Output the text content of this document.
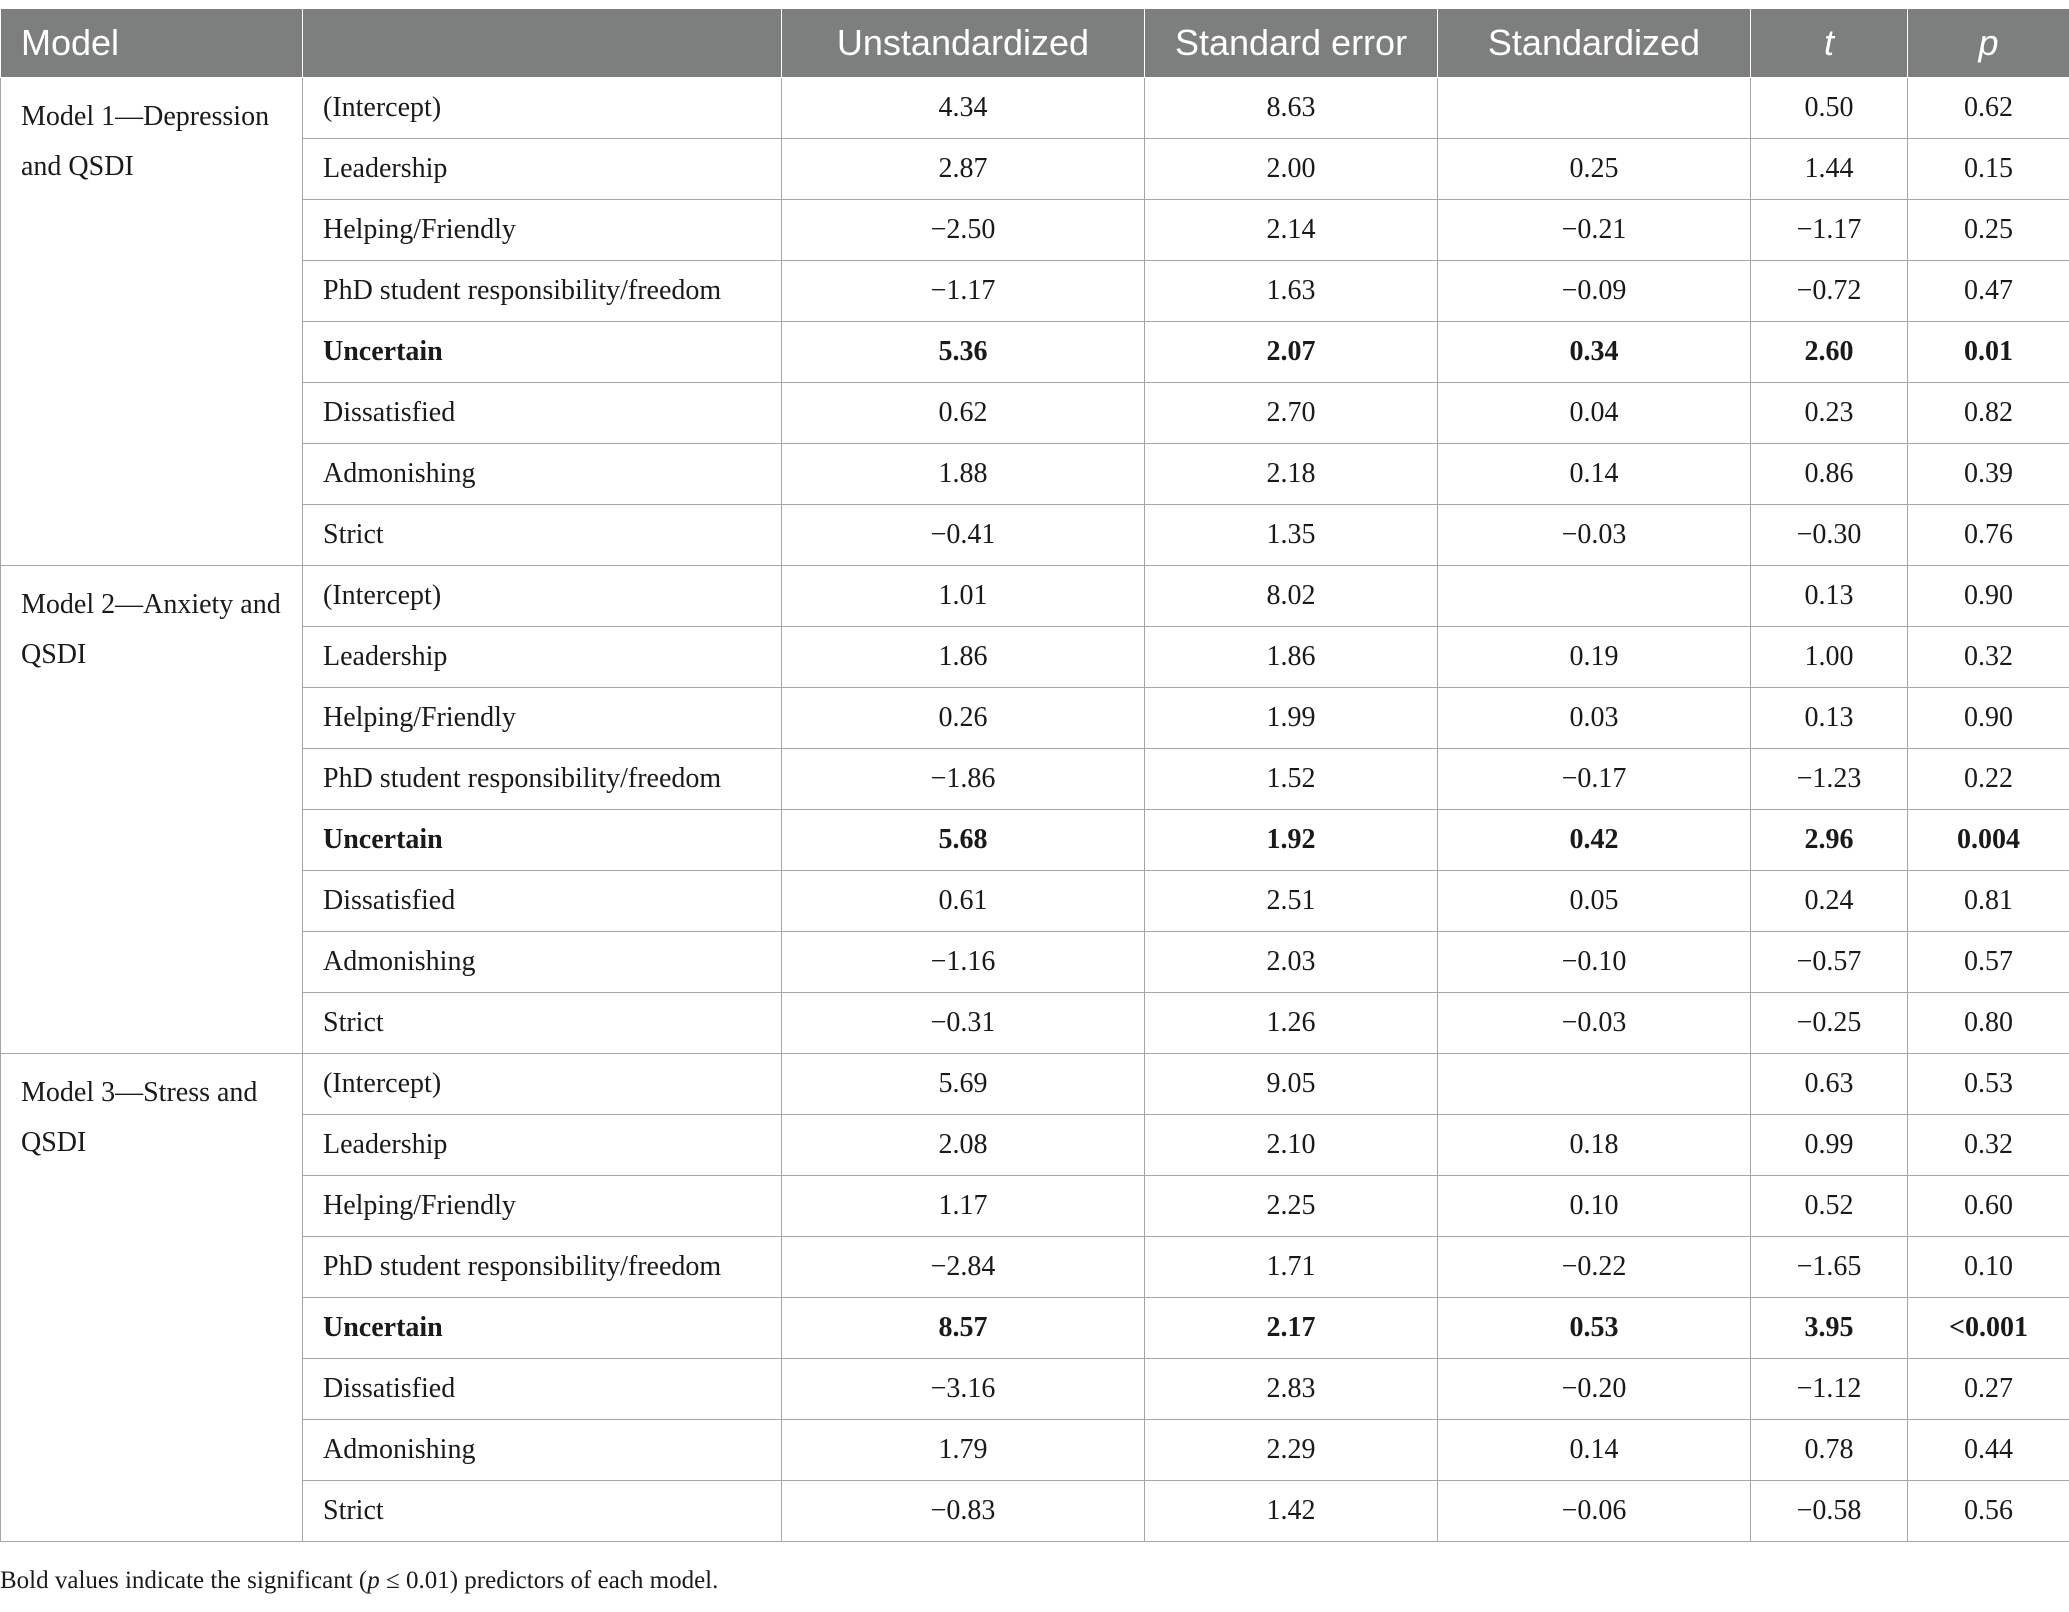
Model		Unstandardized	Standard error	Standardized	t	p
Model 1—Depression and QSDI	(Intercept)	4.34	8.63		0.50	0.62
	Leadership	2.87	2.00	0.25	1.44	0.15
	Helping/Friendly	−2.50	2.14	−0.21	−1.17	0.25
	PhD student responsibility/freedom	−1.17	1.63	−0.09	−0.72	0.47
	Uncertain	5.36	2.07	0.34	2.60	0.01
	Dissatisfied	0.62	2.70	0.04	0.23	0.82
	Admonishing	1.88	2.18	0.14	0.86	0.39
	Strict	−0.41	1.35	−0.03	−0.30	0.76
Model 2—Anxiety and QSDI	(Intercept)	1.01	8.02		0.13	0.90
	Leadership	1.86	1.86	0.19	1.00	0.32
	Helping/Friendly	0.26	1.99	0.03	0.13	0.90
	PhD student responsibility/freedom	−1.86	1.52	−0.17	−1.23	0.22
	Uncertain	5.68	1.92	0.42	2.96	0.004
	Dissatisfied	0.61	2.51	0.05	0.24	0.81
	Admonishing	−1.16	2.03	−0.10	−0.57	0.57
	Strict	−0.31	1.26	−0.03	−0.25	0.80
Model 3—Stress and QSDI	(Intercept)	5.69	9.05		0.63	0.53
	Leadership	2.08	2.10	0.18	0.99	0.32
	Helping/Friendly	1.17	2.25	0.10	0.52	0.60
	PhD student responsibility/freedom	−2.84	1.71	−0.22	−1.65	0.10
	Uncertain	8.57	2.17	0.53	3.95	<0.001
	Dissatisfied	−3.16	2.83	−0.20	−1.12	0.27
	Admonishing	1.79	2.29	0.14	0.78	0.44
	Strict	−0.83	1.42	−0.06	−0.58	0.56
Bold values indicate the significant (p ≤ 0.01) predictors of each model.
